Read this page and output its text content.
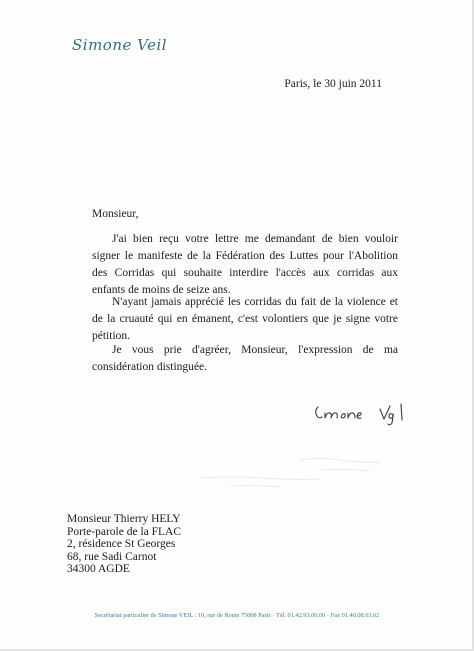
Simone Veil
Paris, le 30 juin 2011
Monsieur,

J'ai bien reçu votre lettre me demandant de bien vouloir signer le manifeste de la Fédération des Luttes pour l'Abolition des Corridas qui souhaite interdire l'accès aux corridas aux enfants de moins de seize ans.

N'ayant jamais apprécié les corridas du fait de la violence et de la cruauté qui en émanent, c'est volontiers que je signe votre pétition.

Je vous prie d'agréer, Monsieur, l'expression de ma considération distinguée.

Monsieur Thierry HELY
Porte-parole de la FLAC
2, résidence St Georges
68, rue Sadi Carnot
34300 AGDE
Secrétariat particulier de Simone VEIL : 10, rue de Rome 75008 Paris · Tél. 01.42.93.00.60 · Fax 01.40.08.03.62
